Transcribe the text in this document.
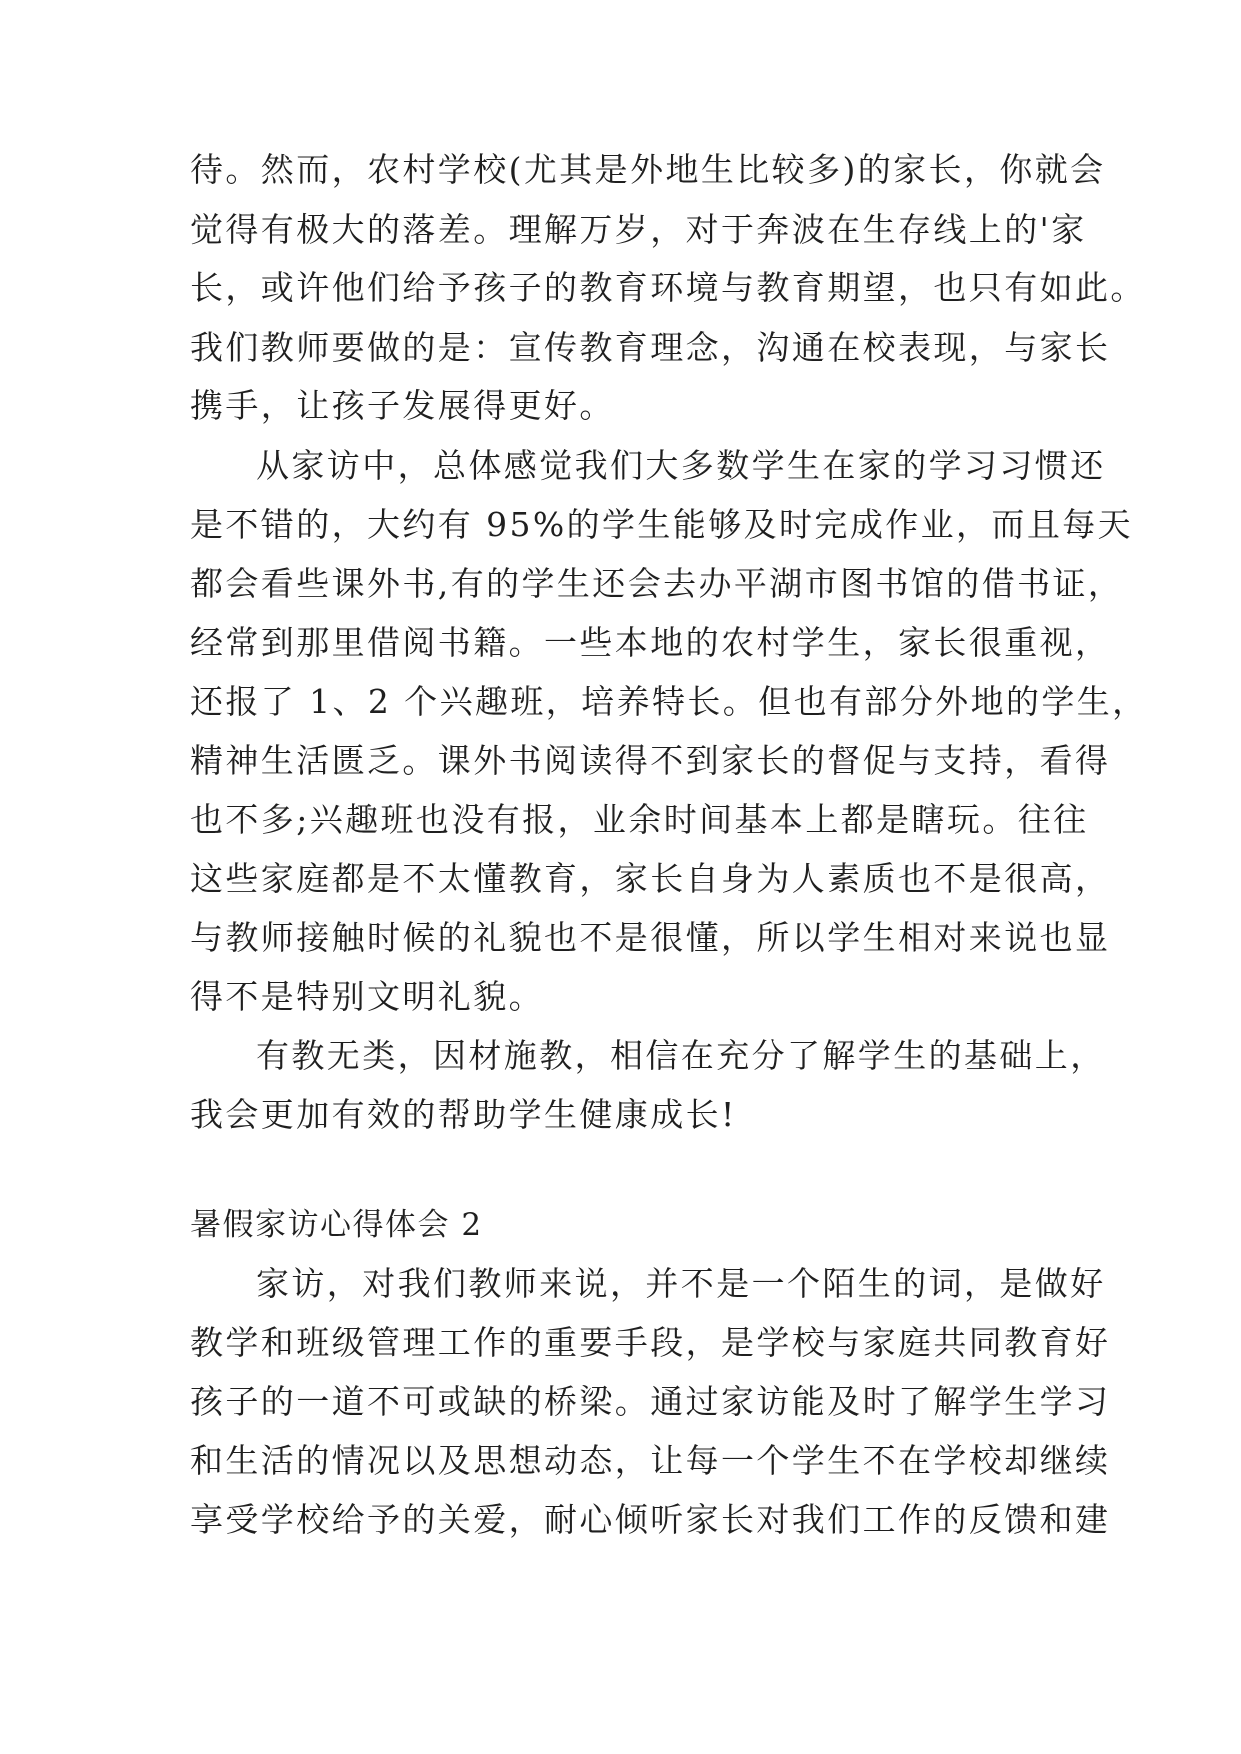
待。然而，农村学校(尤其是外地生比较多)的家长，你就会
觉得有极大的落差。理解万岁，对于奔波在生存线上的'家
长，或许他们给予孩子的教育环境与教育期望，也只有如此。
我们教师要做的是：宣传教育理念，沟通在校表现，与家长
携手，让孩子发展得更好。
从家访中，总体感觉我们大多数学生在家的学习习惯还
是不错的，大约有 95%的学生能够及时完成作业，而且每天
都会看些课外书,有的学生还会去办平湖市图书馆的借书证，
经常到那里借阅书籍。一些本地的农村学生，家长很重视，
还报了 1、2 个兴趣班，培养特长。但也有部分外地的学生，
精神生活匮乏。课外书阅读得不到家长的督促与支持，看得
也不多;兴趣班也没有报，业余时间基本上都是瞎玩。往往
这些家庭都是不太懂教育，家长自身为人素质也不是很高，
与教师接触时候的礼貌也不是很懂，所以学生相对来说也显
得不是特别文明礼貌。
有教无类，因材施教，相信在充分了解学生的基础上，
我会更加有效的帮助学生健康成长!
暑假家访心得体会 2
家访，对我们教师来说，并不是一个陌生的词，是做好
教学和班级管理工作的重要手段，是学校与家庭共同教育好
孩子的一道不可或缺的桥梁。通过家访能及时了解学生学习
和生活的情况以及思想动态，让每一个学生不在学校却继续
享受学校给予的关爱，耐心倾听家长对我们工作的反馈和建
